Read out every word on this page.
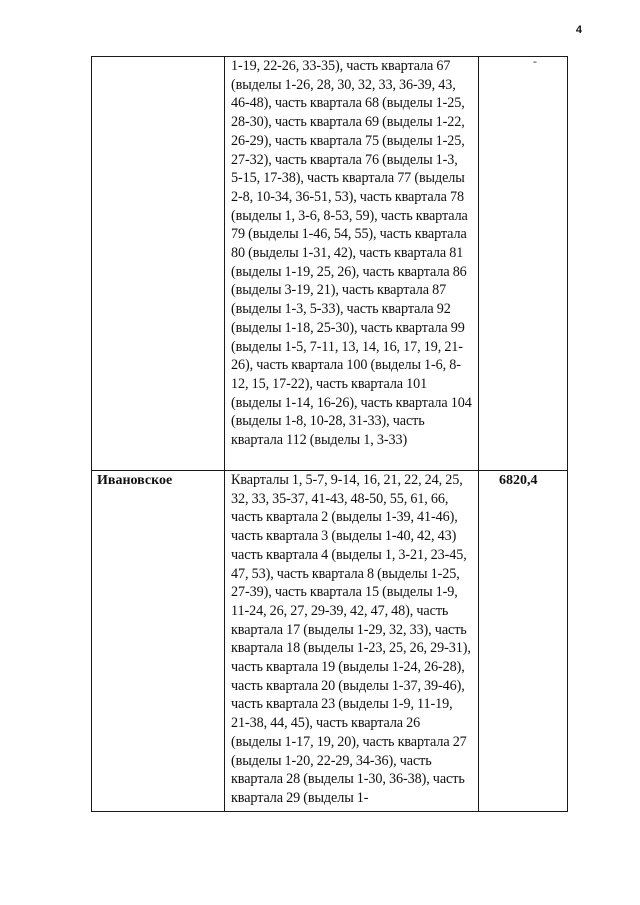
4

	1-19, 22-26, 33-35), часть квартала 67 (выделы 1-26, 28, 30, 32, 33, 36-39, 43, 46-48), часть квартала 68 (выделы 1-25, 28-30), часть квартала 69 (выделы 1-22, 26-29), часть квартала 75 (выделы 1-25, 27-32), часть квартала 76 (выделы 1-3, 5-15, 17-38), часть квартала 77 (выделы 2-8, 10-34, 36-51, 53), часть квартала 78 (выделы 1, 3-6, 8-53, 59), часть квартала 79 (выделы 1-46, 54, 55), часть квартала 80 (выделы 1-31, 42), часть квартала 81 (выделы 1-19, 25, 26), часть квартала 86 (выделы 3-19, 21), часть квартала 87 (выделы 1-3, 5-33), часть квартала 92 (выделы 1-18, 25-30), часть квартала 99 (выделы 1-5, 7-11, 13, 14, 16, 17, 19, 21-26), часть квартала 100 (выделы 1-6, 8-12, 15, 17-22), часть квартала 101 (выделы 1-14, 16-26), часть квартала 104 (выделы 1-8, 10-28, 31-33), часть квартала 112 (выделы 1, 3-33)	-

Ивановское	Кварталы 1, 5-7, 9-14, 16, 21, 22, 24, 25, 32, 33, 35-37, 41-43, 48-50, 55, 61, 66, часть квартала 2 (выделы 1-39, 41-46), часть квартала 3 (выделы 1-40, 42, 43) часть квартала 4 (выделы 1, 3-21, 23-45, 47, 53), часть квартала 8 (выделы 1-25, 27-39), часть квартала 15 (выделы 1-9, 11-24, 26, 27, 29-39, 42, 47, 48), часть квартала 17 (выделы 1-29, 32, 33), часть квартала 18 (выделы 1-23, 25, 26, 29-31), часть квартала 19 (выделы 1-24, 26-28), часть квартала 20 (выделы 1-37, 39-46), часть квартала 23 (выделы 1-9, 11-19, 21-38, 44, 45), часть квартала 26 (выделы 1-17, 19, 20), часть квартала 27 (выделы 1-20, 22-29, 34-36), часть квартала 28 (выделы 1-30, 36-38), часть квартала 29 (выделы 1-	6820,4
